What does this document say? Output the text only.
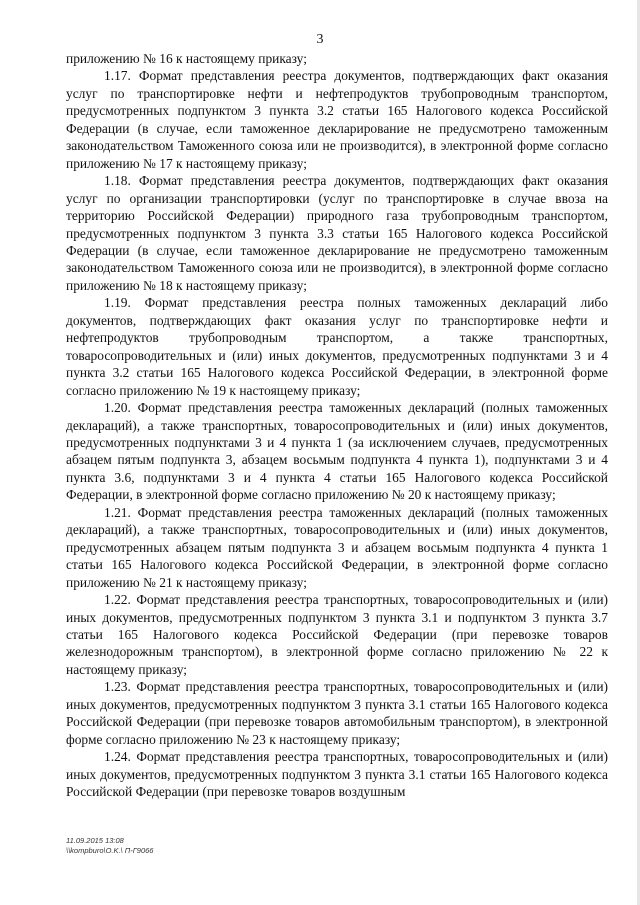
3

приложению № 16 к настоящему приказу;

1.17. Формат представления реестра документов, подтверждающих факт оказания услуг по транспортировке нефти и нефтепродуктов трубопроводным транспортом, предусмотренных подпунктом 3 пункта 3.2 статьи 165 Налогового кодекса Российской Федерации (в случае, если таможенное декларирование не предусмотрено таможенным законодательством Таможенного союза или не производится), в электронной форме согласно приложению № 17 к настоящему приказу;

1.18. Формат представления реестра документов, подтверждающих факт оказания услуг по организации транспортировки (услуг по транспортировке в случае ввоза на территорию Российской Федерации) природного газа трубопроводным транспортом, предусмотренных подпунктом 3 пункта 3.3 статьи 165 Налогового кодекса Российской Федерации (в случае, если таможенное декларирование не предусмотрено таможенным законодательством Таможенного союза или не производится), в электронной форме согласно приложению № 18 к настоящему приказу;

1.19. Формат представления реестра полных таможенных деклараций либо документов, подтверждающих факт оказания услуг по транспортировке нефти и нефтепродуктов трубопроводным транспортом, а также транспортных, товаросопроводительных и (или) иных документов, предусмотренных подпунктами 3 и 4 пункта 3.2 статьи 165 Налогового кодекса Российской Федерации, в электронной форме согласно приложению № 19 к настоящему приказу;

1.20. Формат представления реестра таможенных деклараций (полных таможенных деклараций), а также транспортных, товаросопроводительных и (или) иных документов, предусмотренных подпунктами 3 и 4 пункта 1 (за исключением случаев, предусмотренных абзацем пятым подпункта 3, абзацем восьмым подпункта 4 пункта 1), подпунктами 3 и 4 пункта 3.6, подпунктами 3 и 4 пункта 4 статьи 165 Налогового кодекса Российской Федерации, в электронной форме согласно приложению № 20 к настоящему приказу;

1.21. Формат представления реестра таможенных деклараций (полных таможенных деклараций), а также транспортных, товаросопроводительных и (или) иных документов, предусмотренных абзацем пятым подпункта 3 и абзацем восьмым подпункта 4 пункта 1 статьи 165 Налогового кодекса Российской Федерации, в электронной форме согласно приложению № 21 к настоящему приказу;

1.22. Формат представления реестра транспортных, товаросопроводительных и (или) иных документов, предусмотренных подпунктом 3 пункта 3.1 и подпунктом 3 пункта 3.7 статьи 165 Налогового кодекса Российской Федерации (при перевозке товаров железнодорожным транспортом), в электронной форме согласно приложению № 22 к настоящему приказу;

1.23. Формат представления реестра транспортных, товаросопроводительных и (или) иных документов, предусмотренных подпунктом 3 пункта 3.1 статьи 165 Налогового кодекса Российской Федерации (при перевозке товаров автомобильным транспортом), в электронной форме согласно приложению № 23 к настоящему приказу;

1.24. Формат представления реестра транспортных, товаросопроводительных и (или) иных документов, предусмотренных подпунктом 3 пункта 3.1 статьи 165 Налогового кодекса Российской Федерации (при перевозке товаров воздушным

11.09.2015 13:08
\\kompburo\O.K.\ П-Г9066
